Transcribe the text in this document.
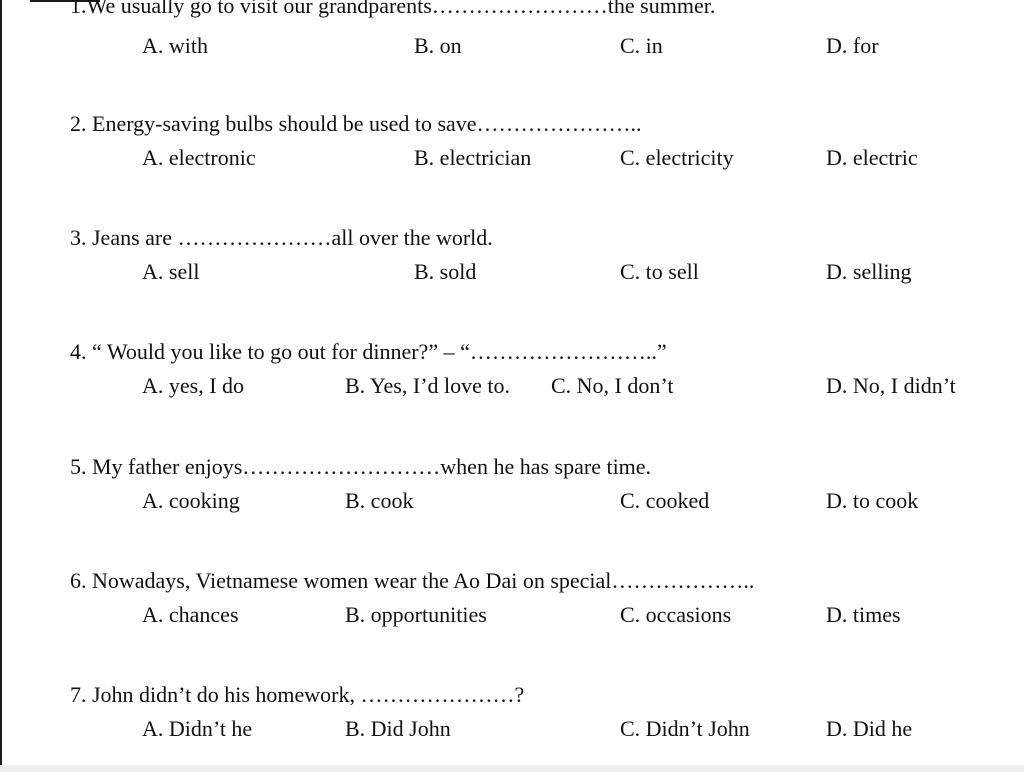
1.We usually go to visit our grandparents……………………the summer.
A. with	B. on	C. in	D. for
2. Energy-saving bulbs should be used to save…………………..
A. electronic	B. electrician	C. electricity	D. electric
3. Jeans are …………………all over the world.
A. sell	B. sold	C. to sell	D. selling
4. “ Would you like to go out for dinner?” – “……………………..”
A. yes, I do	B. Yes, I’d love to. C. No, I don’t	D. No, I didn’t
5. My father enjoys………………………when he has spare time.
A. cooking	B. cook	C. cooked	D. to cook
6. Nowadays, Vietnamese women wear the Ao Dai on special………………..
A. chances	B. opportunities	C. occasions	D. times
7. John didn’t do his homework, …………………?
A. Didn’t he	B. Did John	C. Didn’t John	D. Did he
